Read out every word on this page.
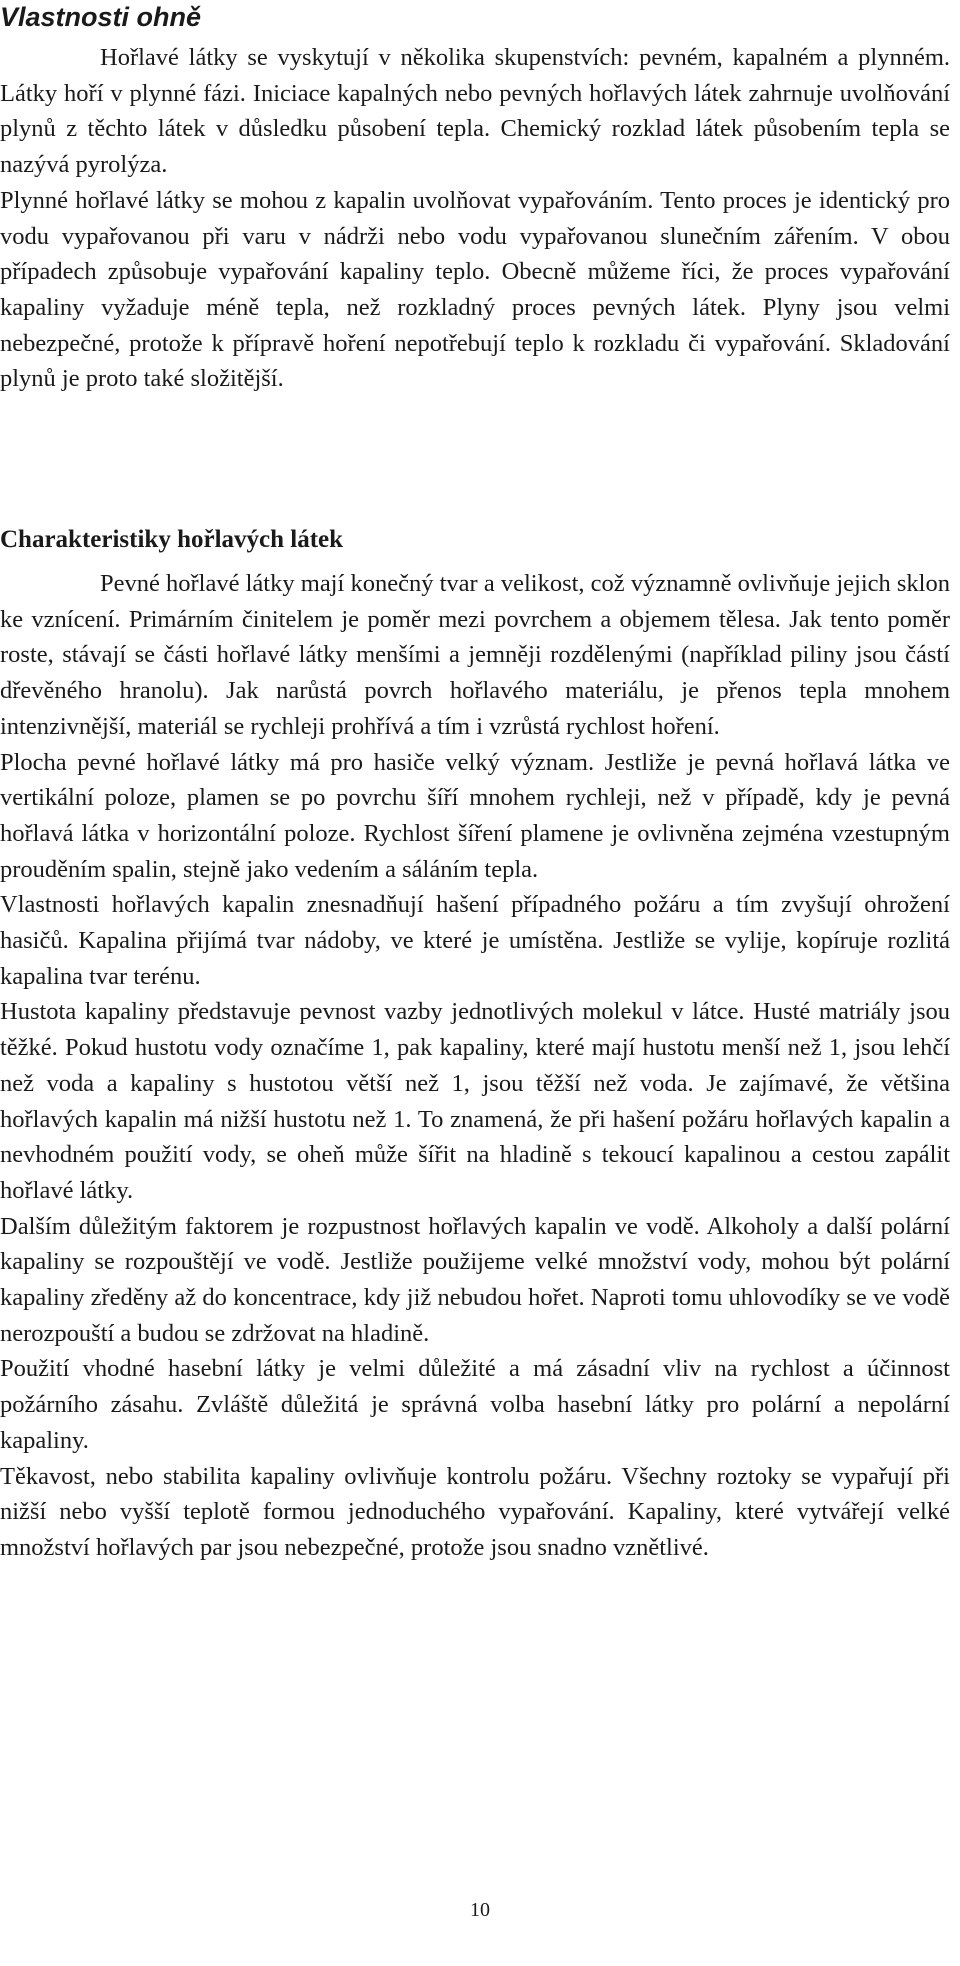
Vlastnosti ohně

Hořlavé látky se vyskytují v několika skupenstvích: pevném, kapalném a plynném. Látky hoří v plynné fázi. Iniciace kapalných nebo pevných hořlavých látek zahrnuje uvolňování plynů z těchto látek v důsledku působení tepla. Chemický rozklad látek působením tepla se nazývá pyrolýza.
Plynné hořlavé látky se mohou z kapalin uvolňovat vypařováním. Tento proces je identický pro vodu vypařovanou při varu v nádrži nebo vodu vypařovanou slunečním zářením. V obou případech způsobuje vypařování kapaliny teplo. Obecně můžeme říci, že proces vypařování kapaliny vyžaduje méně tepla, než rozkladný proces pevných látek. Plyny jsou velmi nebezpečné, protože k přípravě hoření nepotřebují teplo k rozkladu či vypařování. Skladování plynů je proto také složitější.

Charakteristiky hořlavých látek

Pevné hořlavé látky mají konečný tvar a velikost, což významně ovlivňuje jejich sklon ke vznícení. Primárním činitelem je poměr mezi povrchem a objemem tělesa. Jak tento poměr roste, stávají se části hořlavé látky menšími a jemněji rozdělenými (například piliny jsou částí dřevěného hranolu). Jak narůstá povrch hořlavého materiálu, je přenos tepla mnohem intenzivnější, materiál se rychleji prohřívá a tím i vzrůstá rychlost hoření.
Plocha pevné hořlavé látky má pro hasiče velký význam. Jestliže je pevná hořlavá látka ve vertikální poloze, plamen se po povrchu šíří mnohem rychleji, než v případě, kdy je pevná hořlavá látka v horizontální poloze. Rychlost šíření plamene je ovlivněna zejména vzestupným prouděním spalin, stejně jako vedením a sáláním tepla.
Vlastnosti hořlavých kapalin znesnadňují hašení případného požáru a tím zvyšují ohrožení hasičů. Kapalina přijímá tvar nádoby, ve které je umístěna. Jestliže se vylije, kopíruje rozlitá kapalina tvar terénu.
Hustota kapaliny představuje pevnost vazby jednotlivých molekul v látce. Husté matriály jsou těžké. Pokud hustotu vody označíme 1, pak kapaliny, které mají hustotu menší než 1, jsou lehčí než voda a kapaliny s hustotou větší než 1, jsou těžší než voda. Je zajímavé, že většina hořlavých kapalin má nižší hustotu než 1. To znamená, že při hašení požáru hořlavých kapalin a nevhodném použití vody, se oheň může šířit na hladině s tekoucí kapalinou a cestou zapálit hořlavé látky.
Dalším důležitým faktorem je rozpustnost hořlavých kapalin ve vodě. Alkoholy a další polární kapaliny se rozpouštějí ve vodě. Jestliže použijeme velké množství vody, mohou být polární kapaliny zředěny až do koncentrace, kdy již nebudou hořet. Naproti tomu uhlovodíky se ve vodě nerozpouští a budou se zdržovat na hladině.
Použití vhodné hasební látky je velmi důležité a má zásadní vliv na rychlost a účinnost požárního zásahu. Zvláště důležitá je správná volba hasební látky pro polární a nepolární kapaliny.
Těkavost, nebo stabilita kapaliny ovlivňuje kontrolu požáru. Všechny roztoky se vypařují při nižší nebo vyšší teplotě formou jednoduchého vypařování. Kapaliny, které vytvářejí velké množství hořlavých par jsou nebezpečné, protože jsou snadno vznětlivé.

10
